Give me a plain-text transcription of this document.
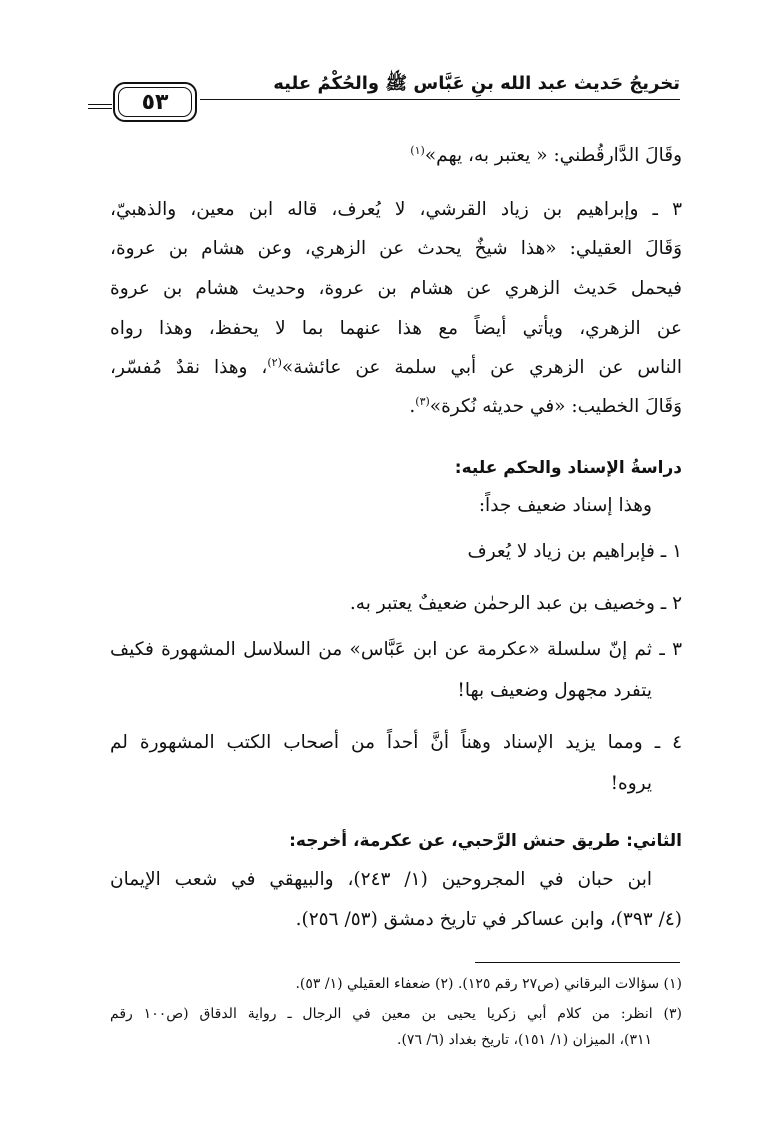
تخريجُ حَديث عبد الله بنِ عَبَّاس ﷺ والحُكْمُ عليه
٥٣
وقَالَ الدَّارقُطني: « يعتبر به، يهم»$^{(١)}$
٣ ـ وإبراهيم بن زياد القرشي، لا يُعرف، قاله ابن معين، والذهبيّ،
وَقَالَ العقيلي: «هذا شيخٌ يحدث عن الزهري، وعن هشام بن عروة،
فيحمل حَديث الزهري عن هشام بن عروة، وحديث هشام بن عروة
عن الزهري، ويأتي أيضاً مع هذا عنهما بما لا يحفظ، وهذا رواه
الناس عن الزهري عن أبي سلمة عن عائشة»$^{(٢)}$، وهذا نقدٌ مُفسّر،
وَقَالَ الخطيب: «في حديثه نُكرة»$^{(٣)}$.
دراسةُ الإسناد والحكم عليه:
وهذا إسناد ضعيف جداً:
١ ـ فإبراهيم بن زياد لا يُعرف
٢ ـ وخصيف بن عبد الرحمٰن ضعيفٌ يعتبر به.
٣ ـ ثم إنّ سلسلة «عكرمة عن ابن عَبَّاس» من السلاسل المشهورة فكيف
يتفرد مجهول وضعيف بها!
٤ ـ ومما يزيد الإسناد وهناً أنَّ أحداً من أصحاب الكتب المشهورة لم
يروه!
الثاني: طريق حنش الرَّحبي، عن عكرمة، أخرجه:
ابن حبان في المجروحين (١/ ٢٤٣)، والبيهقي في شعب الإيمان
(٤/ ٣٩٣)، وابن عساكر في تاريخ دمشق (٥٣/ ٢٥٦).
(١) سؤالات البرقاني (ص٢٧ رقم ١٢٥). (٢) ضعفاء العقيلي (١/ ٥٣).
(٣) انظر: من كلام أبي زكريا يحيى بن معين في الرجال ـ رواية الدقاق (ص١٠٠ رقم
٣١١)، الميزان (١/ ١٥١)، تاريخ بغداد (٦/ ٧٦).
